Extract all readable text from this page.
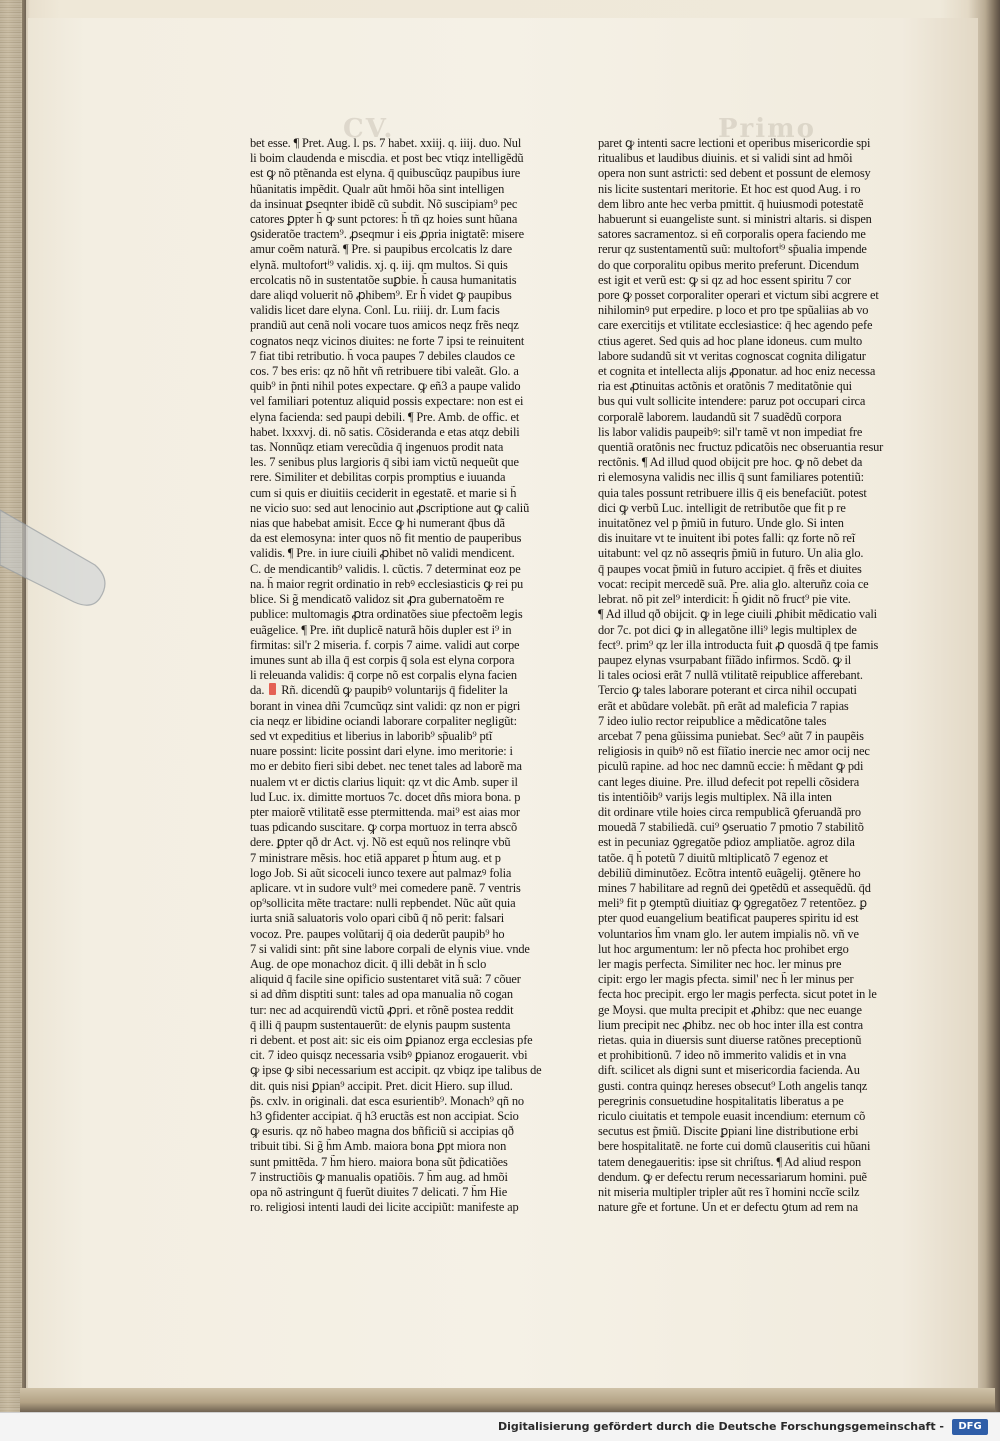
CV.	Primo
bet esse. ¶ Pret. Aug. l. ps. 7 habet. xxiij. q. iiij. duo. Nul
li boim claudenda e miscdia. et post bec vtiqz intelligẽdũ
est ꝙ nõ ptẽnanda est elyna. q̄ quibuscũqz paupibus iure
hũanitatis impẽdit. Qualr aũt hmõi hõa sint intelligen
da insinuat ꝑseqnter ibidẽ cũ subdit. Nõ suscipiam⁹ pec
catores ꝑpter h̃ ꝙ sunt pctores: h̃ tñ qz hoies sunt hũana
ꝯsideratõe tractem⁹. ꝓseqmur i eis ꝓpria inigtatẽ: misere
amur coẽm naturã. ¶ Pre. si paupibus ercolcatis lz dare
elynã. multofortⁱ⁹ validis. xj. q. iij. qm multos. Si quis
ercolcatis nõ in sustentatõe suꝑbie. h̃ causa humanitatis
dare aliqd voluerit nõ ꝓhibem⁹. Er h̃ videt ꝙ paupibus
validis licet dare elyna. Conl. Lu. riiij. dr. Lum facis
prandiũ aut cenã noli vocare tuos amicos neqz frẽs neqz
cognatos neqz vicinos diuites: ne forte 7 ipsi te reinuitent
7 fiat tibi retributio. h̃ voca paupes 7 debiles claudos ce
cos. 7 bes eris: qz nõ hñt vñ retribuere tibi valeãt. Glo. a
quib⁹ in p̃nti nihil potes expectare. ꝙ eñ3 a paupe valido
vel familiari potentuz aliquid possis expectare: non est ei
elyna facienda: sed paupi debili. ¶ Pre. Amb. de offic. et
habet. lxxxvj. di. nõ satis. Cõsideranda e etas atqz debili
tas. Nonnũqz etiam verecũdia q̄ ingenuos prodit nata
les. 7 senibus plus largioris q̄ sibi iam victũ nequeũt que
rere. Similiter et debilitas corpis promptius e iuuanda
cum si quis er diuitiis ceciderit in egestatẽ. et marie si h̃
ne vicio suo: sed aut lenocinio aut ꝓscriptione aut ꝙ caliũ
nias que habebat amisit. Ecce ꝙ hi numerant q̄bus dã
da est elemosyna: inter quos nõ fit mentio de pauperibus
validis. ¶ Pre. in iure ciuili ꝓhibet nõ validi mendicent.
C. de mendicantib⁹ validis. l. cũctis. 7 determinat eoz pe
na. h̃ maior regrit ordinatio in rebꝰ ecclesiasticis ꝙ rei pu
blice. Si g̃ mendicatõ validoz sit ꝓra gubernatoẽm re
publice: multomagis ꝓtra ordinatões siue pfectoẽm legis
euãgelice. ¶ Pre. iñt duplicẽ naturã hõis dupler est i⁹ in
firmitas: sil'r 2 miseria. f. corpis 7 aime. validi aut corpe
imunes sunt ab illa q̄ est corpis q̄ sola est elyna corpora
li releuanda validis: q̄ corpe nõ est corpalis elyna facien
da.  Rñ. dicendũ ꝙ paupibꝰ voluntarijs q̄ fideliter la
borant in vinea dñi 7cumcũqz sint validi: qz non er pigri
cia neqz er libidine ociandi laborare corpaliter negligũt:
sed vt expeditius et liberius in laborib⁹ sp̃ualib⁹ ptĩ
nuare possint: licite possint dari elyne. imo meritorie: i
mo er debito fieri sibi debet. nec tenet tales ad laborẽ ma
nualem vt er dictis clarius liquit: qz vt dic Amb. super il
lud Luc. ix. dimitte mortuos 7c. docet dñs miora bona. p
pter maiorẽ vtilitatẽ esse ptermittenda. mai⁹ est aias mor
tuas pdicando suscitare. ꝙ corpa mortuoz in terra abscõ
dere. ꝑpter qð dr Act. vj. Nõ est equũ nos relinqre vbũ
7 ministrare mẽsis. hoc etiã apparet p h̃tum aug. et p
logo Job. Si aũt sicoceli iunco texere aut palmazꝰ folia
aplicare. vt in sudore vult⁹ mei comedere panẽ. 7 ventris
op⁹sollicita mẽte tractare: nulli repbendet. Nũc aũt quia
iurta sniã saluatoris volo opari cibũ q̄ nõ perit: falsari
vocoz. Pre. paupes volũtarij q̄ oia dederũt paupib⁹ ho
7 si validi sint: pñt sine labore corpali de elynis viue. vnde
Aug. de ope monachoz dicit. q̄ illi debãt in h̃ sclo
aliquid q̄ facile sine opificio sustentaret vitã suã: 7 cõuer
si ad dñm disptiti sunt: tales ad opa manualia nõ cogan
tur: nec ad acquirendũ victũ ꝓpri. et rõnẽ postea reddit
q̄ illi q̄ paupm sustentauerũt: de elynis paupm sustenta
ri debent. et post ait: sic eis oim ꝑpianoz erga ecclesias pfe
cit. 7 ideo quisqz necessaria vsibꝰ ꝑpianoz erogauerit. vbi
ꝙ ipse ꝙ sibi necessarium est accipit. qz vbiqz ipe talibus de
dit. quis nisi ꝑpian⁹ accipit. Pret. dicit Hiero. sup illud.
p̃s. cxlv. in originali. dat esca esurientib⁹. Monach⁹ qñ no
h3 ꝯfidenter accipiat. q̄ h3 eructãs est non accipiat. Scio
ꝙ esuris. qz nõ habeo magna dos bñficiũ si accipias qð
tribuit tibi. Si g̃ h̃m Amb. maiora bona ꝑpt miora non
sunt pmittẽda. 7 h̃m hiero. maiora bona sũt p̃dicatiões
7 instructiõis ꝙ manualis opatiõis. 7 h̃m aug. ad hmõi
opa nõ astringunt q̄ fuerũt diuites 7 delicati. 7 h̃m Hie
ro. religiosi intenti laudi dei licite accipiũt: manifeste ap
paret ꝙ intenti sacre lectioni et operibus misericordie spi
ritualibus et laudibus diuinis. et si validi sint ad hmõi
opera non sunt astricti: sed debent et possunt de elemosy
nis licite sustentari meritorie. Et hoc est quod Aug. i ro
dem libro ante hec verba pmittit. q̄ huiusmodi potestatẽ
habuerunt si euangeliste sunt. si ministri altaris. si dispen
satores sacramentoz. si eñ corporalis opera faciendo me
rerur qz sustentamentũ suũ: multofortⁱ⁹ sp̃ualia impende
do que corporalitu opibus merito preferunt. Dicendum
est igit et verũ est: ꝙ si qz ad hoc essent spiritu 7 cor
pore ꝙ posset corporaliter operari et victum sibi acgrere et
nihilominꝰ put erpedire. p loco et pro tpe spũaliias ab vo
care exercitijs et vtilitate ecclesiastice: q̄ hec agendo pefe
ctius ageret. Sed quis ad hoc plane idoneus. cum multo
labore sudandũ sit vt veritas cognoscat cognita diligatur
et cognita et intellecta alijs ꝓponatur. ad hoc eniz necessa
ria est ꝓtinuitas actõnis et oratõnis 7 meditatõnie qui
bus qui vult sollicite intendere: paruz pot occupari circa
corporalẽ laborem. laudandũ sit 7 suadẽdũ corpora
lis labor validis paupeibꝰ: sil'r tamẽ vt non impediat fre
quentiã oratõnis nec fructuz pdicatõis nec obseruantia resur
rectõnis. ¶ Ad illud quod obijcit pre hoc. ꝙ nõ debet da
ri elemosyna validis nec illis q̄ sunt familiares potentiũ:
quia tales possunt retribuere illis q̄ eis benefaciũt. potest
dici ꝙ verbũ Luc. intelligit de retributõe que fit p re
inuitatõnez vel p p̃miũ in futuro. Unde glo. Si inten
dis inuitare vt te inuitent ibi potes falli: qz forte nõ reĩ
uitabunt: vel qz nõ asseqris p̃miũ in futuro. Un alia glo.
q̄ paupes vocat p̃miũ in futuro accipiet. q̄ frẽs et diuites
vocat: recipit mercedẽ suã. Pre. alia glo. alteruñz coia ce
lebrat. nõ pit zel⁹ interdicit: h̃ ꝯidit nõ fruct⁹ pie vite.
¶ Ad illud qð obijcit. ꝙ in lege ciuili ꝓhibit mẽdicatio vali
dor 7c. pot dici ꝙ in allegatõne illi⁹ legis multiplex de
fect⁹. prim⁹ qz ler illa introducta fuit ꝓ quosdã q̄ tpe famis
paupez elynas vsurpabant fiĩãdo infirmos. Scdõ. ꝙ il
li tales ociosi erãt 7 nullã vtilitatẽ reipublice afferebant.
Tercio ꝙ tales laborare poterant et circa nihil occupati
erãt et abũdare volebãt. pñ erãt ad maleficia 7 rapias
7 ideo iulio rector reipublice a mẽdicatõne tales
arcebat 7 pena gũissima puniebat. Sec⁹ aũt 7 in paupẽis
religiosis in quibꝰ nõ est fiĩatio inercie nec amor ocij nec
piculũ rapine. ad hoc nec damnũ eccie: h̃ mẽdant ꝙ pdi
cant leges diuine. Pre. illud defecit pot repelli cõsidera
tis intentiõib⁹ varijs legis multiplex. Nã illa inten
dit ordinare vtile hoies circa rempublicã ꝯferuandã pro
mouedã 7 stabiliedã. cui⁹ ꝯseruatio 7 pmotio 7 stabilitõ
est in pecuniaz ꝯgregatõe pdioz ampliatõe. agroz dila
tatõe. q̄ h̃ potetũ 7 diuitũ mltiplicatõ 7 egenoz et
debiliũ diminutõez. Ecõtra intentõ euãgelij. ꝯtẽnere ho
mines 7 habilitare ad regnũ dei ꝯpetẽdũ et assequẽdũ. q̄d
meli⁹ fit p ꝯtemptũ diuitiaz ꝙ ꝯgregatõez 7 retentõez. ꝑ
pter quod euangelium beatificat pauperes spiritu id est
voluntarios h̃m vnam glo. ler autem impialis nõ. vñ ve
lut hoc argumentum: ler nõ pfecta hoc prohibet ergo
ler magis perfecta. Similiter nec hoc. ler minus pre
cipit: ergo ler magis pfecta. simil' nec h̃ ler minus per
fecta hoc precipit. ergo ler magis perfecta. sicut potet in le
ge Moysi. que multa precipit et ꝓhibz: que nec euange
lium precipit nec ꝓhibz. nec ob hoc inter illa est contra
rietas. quia in diuersis sunt diuerse ratõnes preceptionũ
et prohibitionũ. 7 ideo nõ immerito validis et in vna
dift. scilicet als digni sunt et misericordia facienda. Au
gusti. contra quinqz hereses obsecut⁹ Loth angelis tanqz
peregrinis consuetudine hospitalitatis liberatus a pe
riculo ciuitatis et tempole euasit incendium: eternum cõ
secutus est p̃miũ. Discite ꝑpiani line distributione erbi
bere hospitalitatẽ. ne forte cui domũ clauseritis cui hũani
tatem denegaueritis: ipse sit chriſtus. ¶ Ad aliud respon
dendum. ꝙ er defectu rerum necessariarum homini. puẽ
nit miseria multipler tripler aũt res ĩ homini nccĩe scilz
nature gr̃e et fortune. Un et er defectu ꝯtum ad rem na
Digitalisierung gefördert durch die Deutsche Forschungsgemeinschaft -	DFG
